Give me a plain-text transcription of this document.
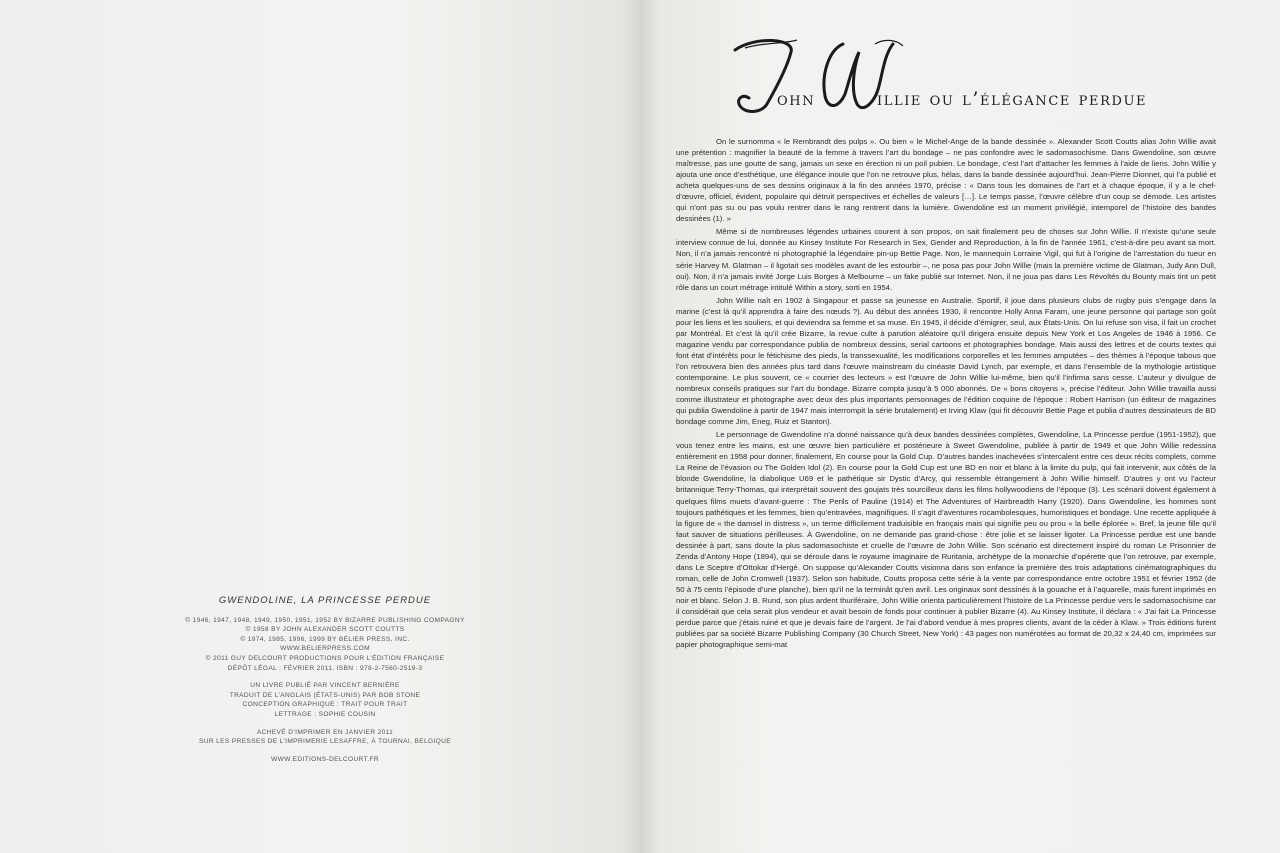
GWENDOLINE, LA PRINCESSE PERDUE
© 1946, 1947, 1948, 1949, 1950, 1951, 1952 BY BIZARRE PUBLISHING COMPAGNY
© 1958 BY JOHN ALEXANDER SCOTT COUTTS
© 1974, 1985, 1996, 1999 BY BÉLIER PRESS, INC.
WWW.BELIERPRESS.COM
© 2011 GUY DELCOURT PRODUCTIONS POUR L’ÉDITION FRANÇAISE
DÉPÔT LÉGAL : FÉVRIER 2011. ISBN : 978-2-7560-2519-3
UN LIVRE PUBLIÉ PAR VINCENT BERNIÈRE
TRADUIT DE L’ANGLAIS (ÉTATS-UNIS) PAR BOB STONE
CONCEPTION GRAPHIQUE : TRAIT POUR TRAIT
LETTRAGE : SOPHIE COUSIN
ACHEVÉ D’IMPRIMER EN JANVIER 2011
SUR LES PRESSES DE L’IMPRIMERIE LESAFFRE, À TOURNAI, BELGIQUE
WWW.EDITIONS-DELCOURT.FR
J	W
ohn	illie ou l’élégance perdue

On le surnomma « le Rembrandt des pulps ». Ou bien « le Michel-Ange de la bande dessinée ». Alexander Scott Coutts alias John Willie avait une prétention : magnifier la beauté de la femme à travers l’art du bondage – ne pas confondre avec le sadomasochisme. Dans Gwendoline, son œuvre maîtresse, pas une goutte de sang, jamais un sexe en érection ni un poil pubien. Le bondage, c’est l’art d’attacher les femmes à l’aide de liens. John Willie y ajouta une once d’esthétique, une élégance inouïe que l’on ne retrouve plus, hélas, dans la bande dessinée aujourd’hui. Jean-Pierre Dionnet, qui l’a publié et acheta quelques-uns de ses dessins originaux à la fin des années 1970, précise : « Dans tous les domaines de l’art et à chaque époque, il y a le chef-d’œuvre, officiel, évident, populaire qui détruit perspectives et échelles de valeurs […]. Le temps passe, l’œuvre célèbre d’un coup se démode. Les artistes qui n’ont pas su ou pas voulu rentrer dans le rang rentrent dans la lumière. Gwendoline est un moment privilégié, intemporel de l’histoire des bandes dessinées (1). »

Même si de nombreuses légendes urbaines courent à son propos, on sait finalement peu de choses sur John Willie. Il n’existe qu’une seule interview connue de lui, donnée au Kinsey Institute For Research in Sex, Gender and Reproduction, à la fin de l’année 1961, c’est-à-dire peu avant sa mort. Non, il n’a jamais rencontré ni photographié la légendaire pin-up Bettie Page. Non, le mannequin Lorraine Vigil, qui fut à l’origine de l’arrestation du tueur en série Harvey M. Glatman – il ligotait ses modèles avant de les estourbir –, ne posa pas pour John Willie (mais la première victime de Glatman, Judy Ann Dull, oui). Non, il n’a jamais invité Jorge Luis Borges à Melbourne – un fake publié sur Internet. Non, il ne joua pas dans Les Révoltés du Bounty mais tint un petit rôle dans un court métrage intitulé Within a story, sorti en 1954.

John Willie naît en 1902 à Singapour et passe sa jeunesse en Australie. Sportif, il joue dans plusieurs clubs de rugby puis s’engage dans la marine (c’est là qu’il apprendra à faire des nœuds ?). Au début des années 1930, il rencontre Holly Anna Faram, une jeune personne qui partage son goût pour les liens et les souliers, et qui deviendra sa femme et sa muse. En 1945, il décide d’émigrer, seul, aux États-Unis. On lui refuse son visa, il fait un crochet par Montréal. Et c’est là qu’il crée Bizarre, la revue culte à parution aléatoire qu’il dirigera ensuite depuis New York et Los Angeles de 1946 à 1956. Ce magazine vendu par correspondance publia de nombreux dessins, serial cartoons et photographies bondage. Mais aussi des lettres et de courts textes qui font état d’intérêts pour le fétichisme des pieds, la transsexualité, les modifications corporelles et les femmes amputées – des thèmes à l’époque tabous que l’on retrouvera bien des années plus tard dans l’œuvre mainstream du cinéaste David Lynch, par exemple, et dans l’ensemble de la mythologie artistique contemporaine. Le plus souvent, ce « courrier des lecteurs » est l’œuvre de John Willie lui-même, bien qu’il l’infirma sans cesse. L’auteur y divulgue de nombreux conseils pratiques sur l’art du bondage. Bizarre compta jusqu’à 5 000 abonnés. De « bons citoyens », précise l’éditeur. John Willie travailla aussi comme illustrateur et photographe avec deux des plus importants personnages de l’édition coquine de l’époque : Robert Harrison (un éditeur de magazines qui publia Gwendoline à partir de 1947 mais interrompit la série brutalement) et Irving Klaw (qui fit découvrir Bettie Page et publia d’autres dessinateurs de BD bondage comme Jim, Eneg, Ruiz et Stanton).

Le personnage de Gwendoline n’a donné naissance qu’à deux bandes dessinées complètes, Gwendoline, La Princesse perdue (1951-1952), que vous tenez entre les mains, est une œuvre bien particulière et postérieure à Sweet Gwendoline, publiée à partir de 1949 et que John Willie redessina entièrement en 1958 pour donner, finalement, En course pour la Gold Cup. D’autres bandes inachevées s’intercalent entre ces deux récits complets, comme La Reine de l’évasion ou The Golden Idol (2). En course pour la Gold Cup est une BD en noir et blanc à la limite du pulp, qui fait intervenir, aux côtés de la blonde Gwendoline, la diabolique U69 et le pathétique sir Dystic d’Arcy, qui ressemble étrangement à John Willie himself. D’autres y ont vu l’acteur britannique Terry-Thomas, qui interprétait souvent des goujats très sourcilleux dans les films hollywoodiens de l’époque (3). Les scénarii doivent également à quelques films muets d’avant-guerre : The Perils of Pauline (1914) et The Adventures of Hairbreadth Harry (1920). Dans Gwendoline, les hommes sont toujours pathétiques et les femmes, bien qu’entravées, magnifiques. Il s’agit d’aventures rocambolesques, humoristiques et bondage. Une recette appliquée à la figure de « the damsel in distress », un terme difficilement traduisible en français mais qui signifie peu ou prou « la belle éplorée ». Bref, la jeune fille qu’il faut sauver de situations périlleuses. À Gwendoline, on ne demande pas grand-chose : être jolie et se laisser ligoter. La Princesse perdue est une bande dessinée à part, sans doute la plus sadomasochiste et cruelle de l’œuvre de John Willie. Son scénario est directement inspiré du roman Le Prisonnier de Zenda d’Antony Hope (1894), qui se déroule dans le royaume imaginaire de Ruritania, archétype de la monarchie d’opérette que l’on retrouve, par exemple, dans Le Sceptre d’Ottokar d’Hergé. On suppose qu’Alexander Coutts visionna dans son enfance la première des trois adaptations cinématographiques du roman, celle de John Cromwell (1937). Selon son habitude, Coutts proposa cette série à la vente par correspondance entre octobre 1951 et février 1952 (de 50 à 75 cents l’épisode d’une planche), bien qu’il ne la terminât qu’en avril. Les originaux sont dessinés à la gouache et à l’aquarelle, mais furent imprimés en noir et blanc. Selon J. B. Rund, son plus ardent thuriféraire, John Willie orienta particulièrement l’histoire de La Princesse perdue vers le sadomasochisme car il considérait que cela serait plus vendeur et avait besoin de fonds pour continuer à publier Bizarre (4). Au Kinsey Institute, il déclara : « J’ai fait La Princesse perdue parce que j’étais ruiné et que je devais faire de l’argent. Je l’ai d’abord vendue à mes propres clients, avant de la céder à Klaw. » Trois éditions furent publiées par sa société Bizarre Publishing Company (30 Church Street, New York) : 43 pages non numérotées au format de 20,32 x 24,40 cm, imprimées sur papier photographique semi-mat
